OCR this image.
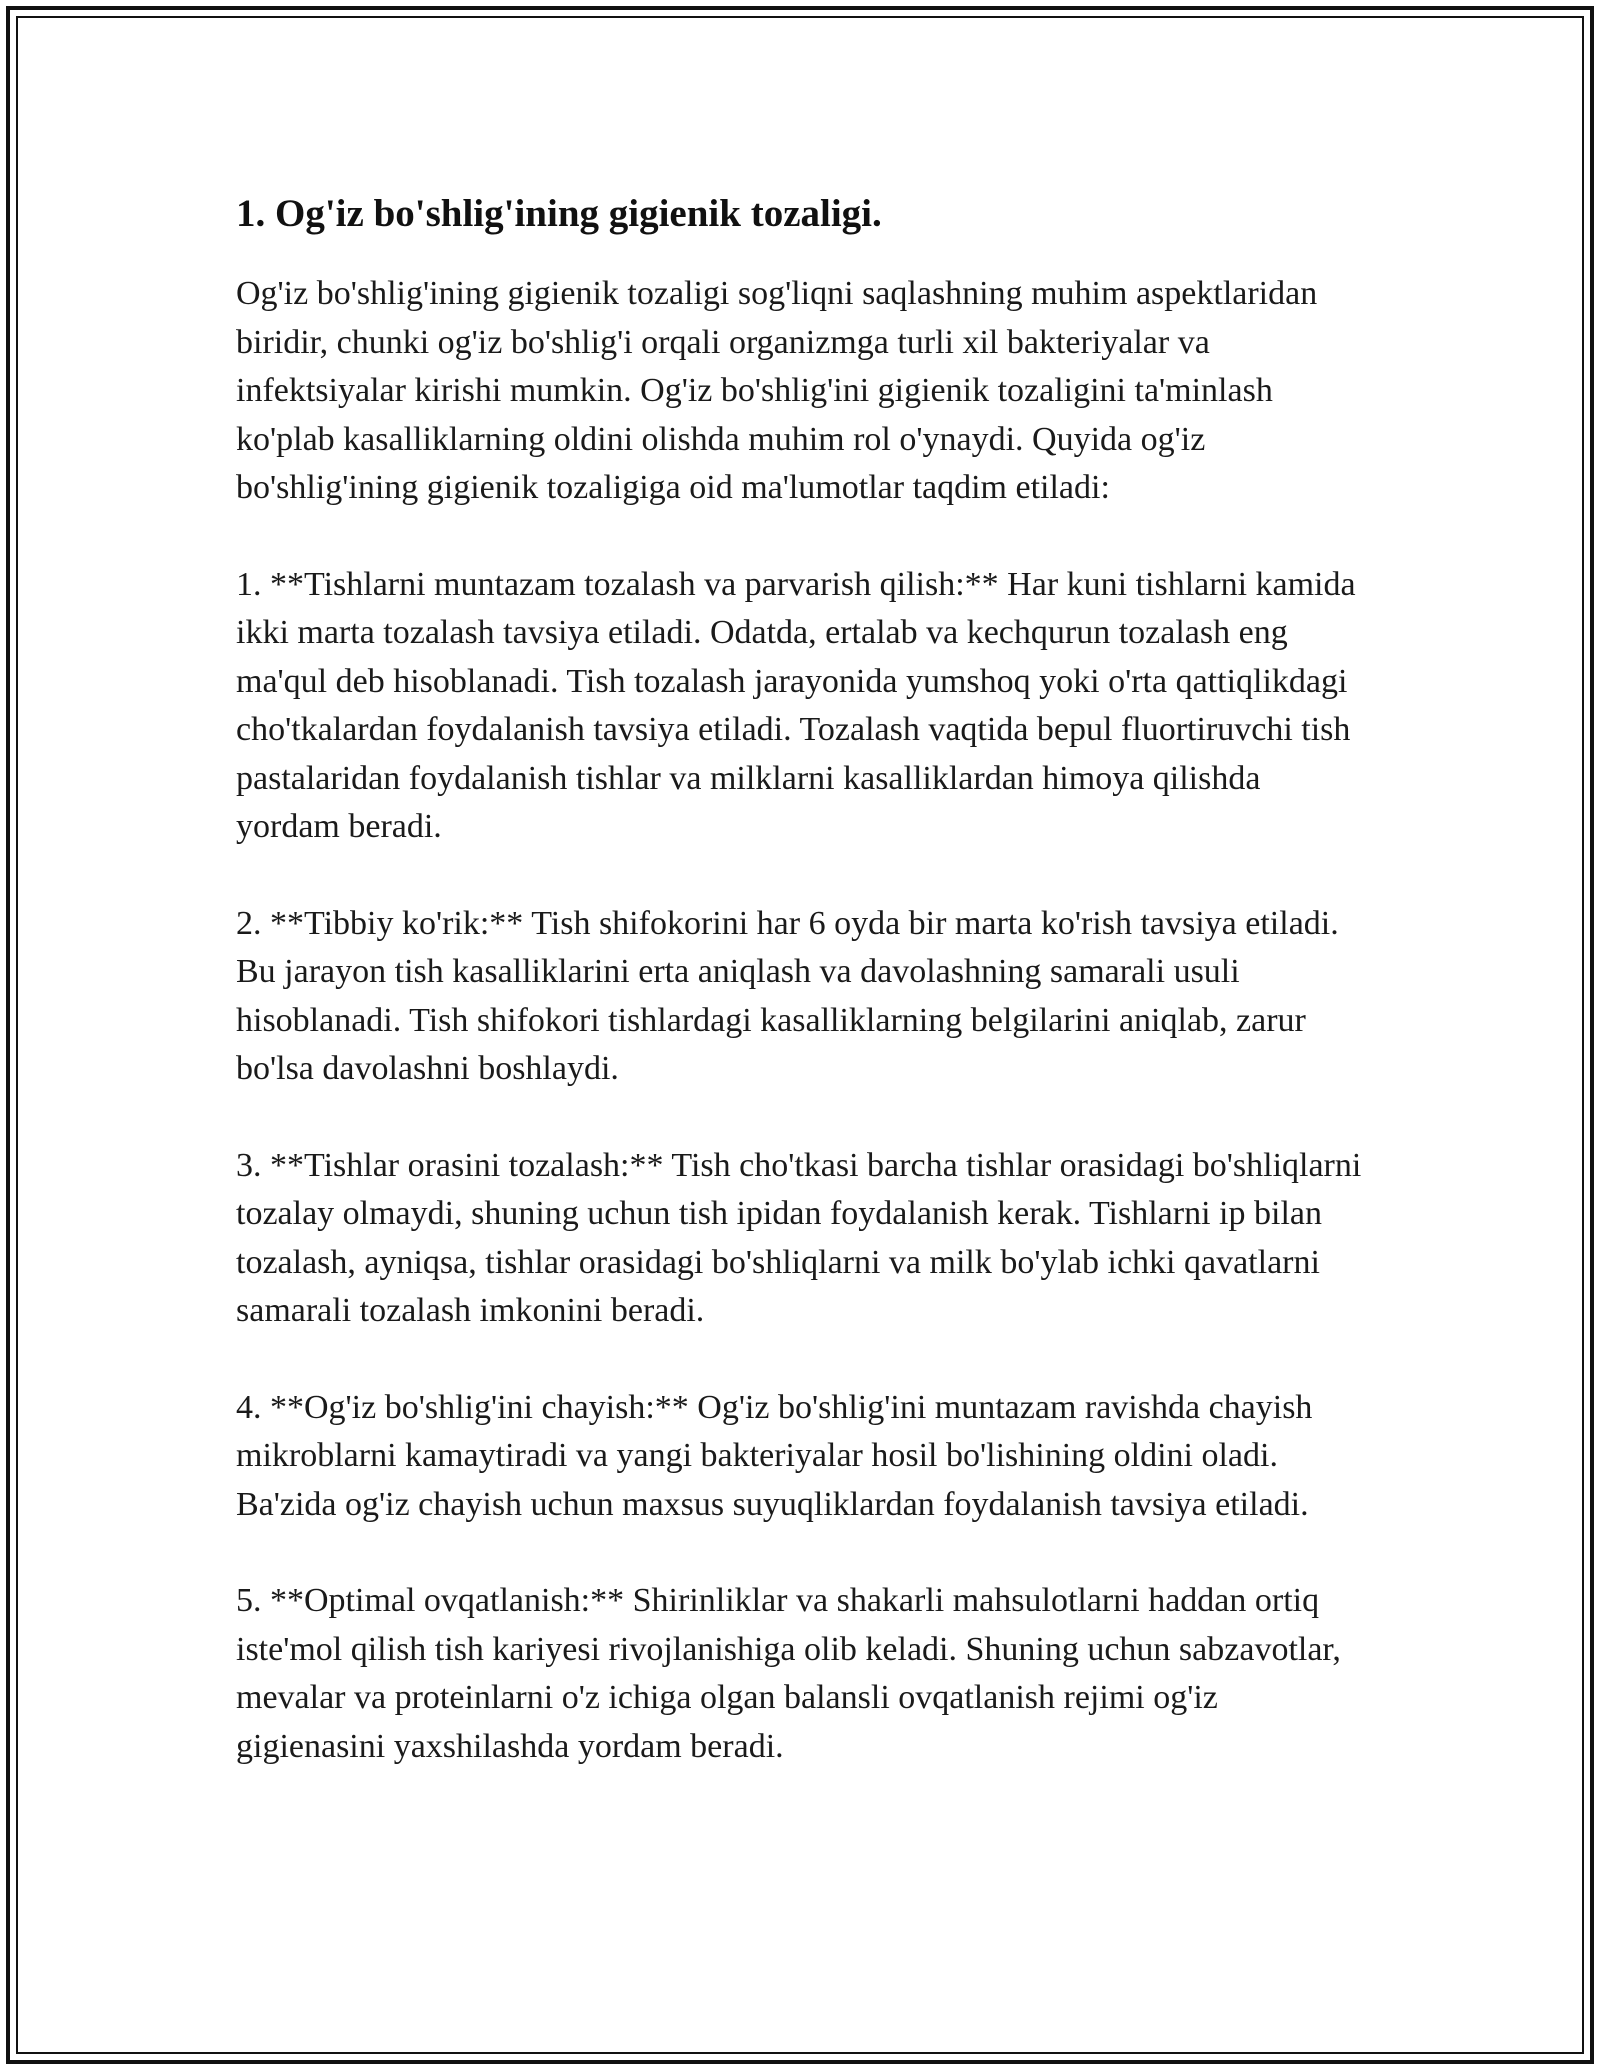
1. Og'iz bo'shlig'ining gigienik tozaligi.

Og'iz bo'shlig'ining gigienik tozaligi sog'liqni saqlashning muhim aspektlaridan biridir, chunki og'iz bo'shlig'i orqali organizmga turli xil bakteriyalar va infektsiyalar kirishi mumkin. Og'iz bo'shlig'ini gigienik tozaligini ta'minlash ko'plab kasalliklarning oldini olishda muhim rol o'ynaydi. Quyida og'iz bo'shlig'ining gigienik tozaligiga oid ma'lumotlar taqdim etiladi:

1. **Tishlarni muntazam tozalash va parvarish qilish:** Har kuni tishlarni kamida ikki marta tozalash tavsiya etiladi. Odatda, ertalab va kechqurun tozalash eng ma'qul deb hisoblanadi. Tish tozalash jarayonida yumshoq yoki o'rta qattiqlikdagi cho'tkalardan foydalanish tavsiya etiladi. Tozalash vaqtida bepul fluortiruvchi tish pastalaridan foydalanish tishlar va milklarni kasalliklardan himoya qilishda yordam beradi.

2. **Tibbiy ko'rik:** Tish shifokorini har 6 oyda bir marta ko'rish tavsiya etiladi. Bu jarayon tish kasalliklarini erta aniqlash va davolashning samarali usuli hisoblanadi. Tish shifokori tishlardagi kasalliklarning belgilarini aniqlab, zarur bo'lsa davolashni boshlaydi.

3. **Tishlar orasini tozalash:** Tish cho'tkasi barcha tishlar orasidagi bo'shliqlarni tozalay olmaydi, shuning uchun tish ipidan foydalanish kerak. Tishlarni ip bilan tozalash, ayniqsa, tishlar orasidagi bo'shliqlarni va milk bo'ylab ichki qavatlarni samarali tozalash imkonini beradi.

4. **Og'iz bo'shlig'ini chayish:** Og'iz bo'shlig'ini muntazam ravishda chayish mikroblarni kamaytiradi va yangi bakteriyalar hosil bo'lishining oldini oladi. Ba'zida og'iz chayish uchun maxsus suyuqliklardan foydalanish tavsiya etiladi.

5. **Optimal ovqatlanish:** Shirinliklar va shakarli mahsulotlarni haddan ortiq iste'mol qilish tish kariyesi rivojlanishiga olib keladi. Shuning uchun sabzavotlar, mevalar va proteinlarni o'z ichiga olgan balansli ovqatlanish rejimi og'iz gigienasini yaxshilashda yordam beradi.
